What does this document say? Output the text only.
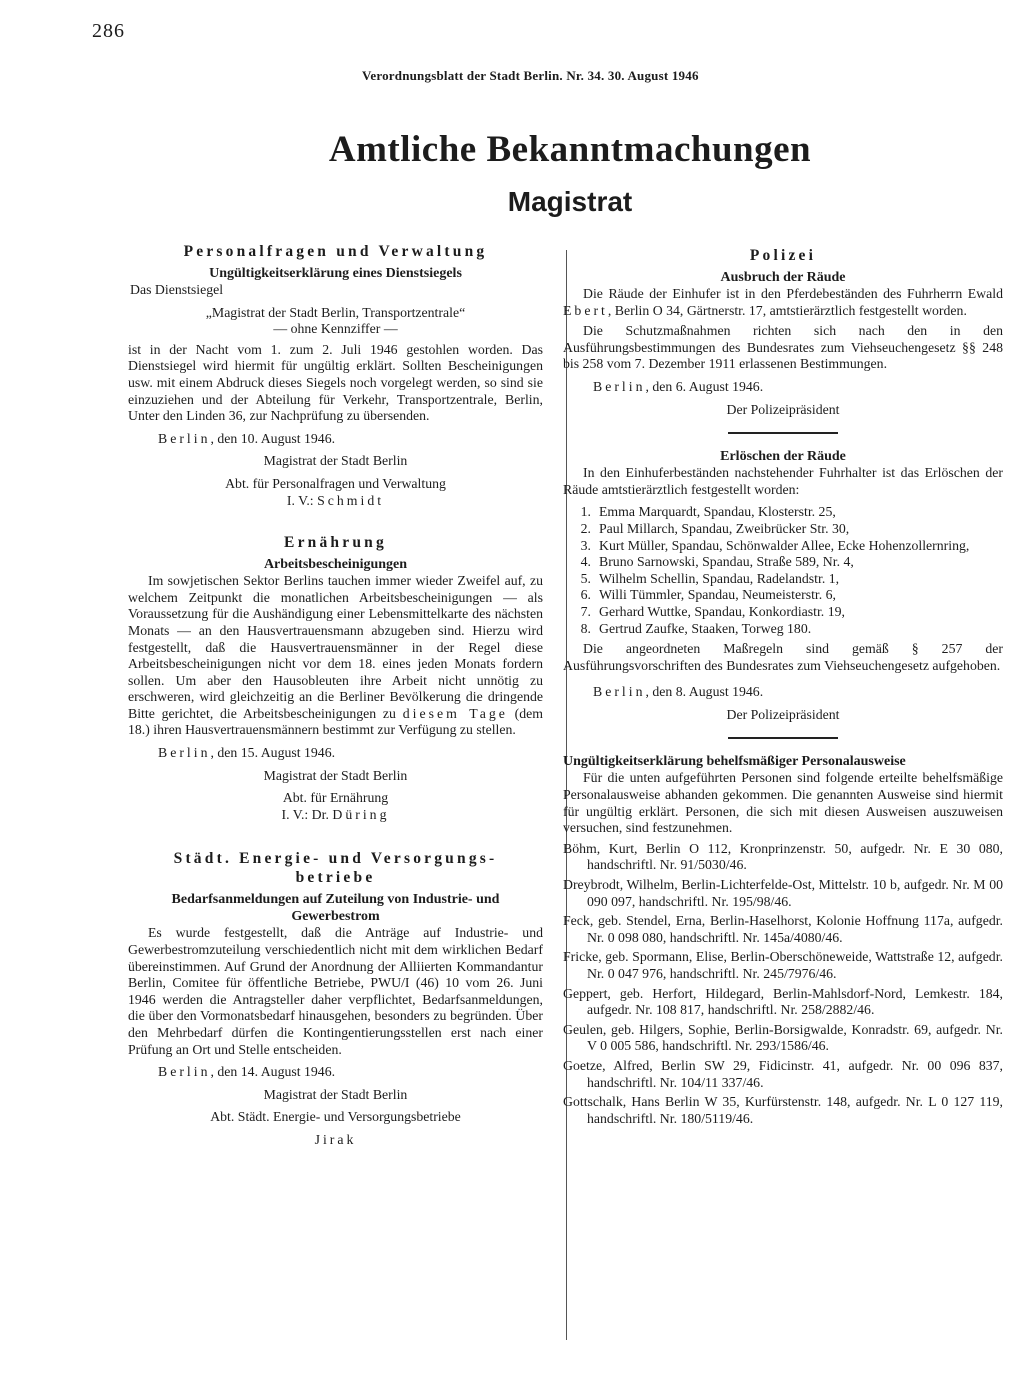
286
Verordnungsblatt der Stadt Berlin. Nr. 34. 30. August 1946
Amtliche Bekanntmachungen
Magistrat
Personalfragen und Verwaltung
Ungültigkeitserklärung eines Dienstsiegels
Das Dienstsiegel
„Magistrat der Stadt Berlin, Transportzentrale“
— ohne Kennziffer —
ist in der Nacht vom 1. zum 2. Juli 1946 gestohlen worden. Das Dienstsiegel wird hiermit für ungültig erklärt. Sollten Bescheinigungen usw. mit einem Abdruck dieses Siegels noch vorgelegt werden, so sind sie einzuziehen und der Abteilung für Verkehr, Transportzentrale, Berlin, Unter den Linden 36, zur Nachprüfung zu übersenden.
Berlin, den 10. August 1946.
Magistrat der Stadt Berlin
Abt. für Personalfragen und Verwaltung
I. V.: Schmidt
Ernährung
Arbeitsbescheinigungen
Im sowjetischen Sektor Berlins tauchen immer wieder Zweifel auf, zu welchem Zeitpunkt die monatlichen Arbeitsbescheinigungen — als Voraussetzung für die Aushändigung einer Lebensmittelkarte des nächsten Monats — an den Hausvertrauensmann abzugeben sind. Hierzu wird festgestellt, daß die Hausvertrauensmänner in der Regel diese Arbeitsbescheinigungen nicht vor dem 18. eines jeden Monats fordern sollen. Um aber den Hausobleuten ihre Arbeit nicht unnötig zu erschweren, wird gleichzeitig an die Berliner Bevölkerung die dringende Bitte gerichtet, die Arbeitsbescheinigungen zu diesem Tage (dem 18.) ihren Hausvertrauensmännern bestimmt zur Verfügung zu stellen.
Berlin, den 15. August 1946.
Magistrat der Stadt Berlin
Abt. für Ernährung
I. V.: Dr. Düring
Städt. Energie- und Versorgungs-
betriebe
Bedarfsanmeldungen auf Zuteilung von Industrie- und Gewerbestrom
Es wurde festgestellt, daß die Anträge auf Industrie- und Gewerbestromzuteilung verschiedentlich nicht mit dem wirklichen Bedarf übereinstimmen. Auf Grund der Anordnung der Alliierten Kommandantur Berlin, Comitee für öffentliche Betriebe, PWU/I (46) 10 vom 26. Juni 1946 werden die Antragsteller daher verpflichtet, Bedarfsanmeldungen, die über den Vormonatsbedarf hinausgehen, besonders zu begründen. Über den Mehrbedarf dürfen die Kontingentierungsstellen erst nach einer Prüfung an Ort und Stelle entscheiden.
Berlin, den 14. August 1946.
Magistrat der Stadt Berlin
Abt. Städt. Energie- und Versorgungsbetriebe
Jirak
Polizei
Ausbruch der Räude
Die Räude der Einhufer ist in den Pferdebeständen des Fuhrherrn Ewald Ebert, Berlin O 34, Gärtnerstr. 17, amtstierärztlich festgestellt worden.
Die Schutzmaßnahmen richten sich nach den in den Ausführungsbestimmungen des Bundesrates zum Viehseuchengesetz §§ 248 bis 258 vom 7. Dezember 1911 erlassenen Bestimmungen.
Berlin, den 6. August 1946.
Der Polizeipräsident
Erlöschen der Räude
In den Einhuferbeständen nachstehender Fuhrhalter ist das Erlöschen der Räude amtstierärztlich festgestellt worden:
1. Emma Marquardt, Spandau, Klosterstr. 25,
2. Paul Millarch, Spandau, Zweibrücker Str. 30,
3. Kurt Müller, Spandau, Schönwalder Allee, Ecke Hohenzollernring,
4. Bruno Sarnowski, Spandau, Straße 589, Nr. 4,
5. Wilhelm Schellin, Spandau, Radelandstr. 1,
6. Willi Tümmler, Spandau, Neumeisterstr. 6,
7. Gerhard Wuttke, Spandau, Konkordiastr. 19,
8. Gertrud Zaufke, Staaken, Torweg 180.
Die angeordneten Maßregeln sind gemäß § 257 der Ausführungsvorschriften des Bundesrates zum Viehseuchengesetz aufgehoben.
Berlin, den 8. August 1946.
Der Polizeipräsident
Ungültigkeitserklärung behelfsmäßiger Personalausweise
Für die unten aufgeführten Personen sind folgende erteilte behelfsmäßige Personalausweise abhanden gekommen. Die genannten Ausweise sind hiermit für ungültig erklärt. Personen, die sich mit diesen Ausweisen auszuweisen versuchen, sind festzunehmen.
Böhm, Kurt, Berlin O 112, Kronprinzenstr. 50, aufgedr. Nr. E 30 080, handschriftl. Nr. 91/5030/46.
Dreybrodt, Wilhelm, Berlin-Lichterfelde-Ost, Mittelstr. 10 b, aufgedr. Nr. M 00 090 097, handschriftl. Nr. 195/98/46.
Feck, geb. Stendel, Erna, Berlin-Haselhorst, Kolonie Hoffnung 117a, aufgedr. Nr. 0 098 080, handschriftl. Nr. 145a/4080/46.
Fricke, geb. Spormann, Elise, Berlin-Oberschöneweide, Wattstraße 12, aufgedr. Nr. 0 047 976, handschriftl. Nr. 245/7976/46.
Geppert, geb. Herfort, Hildegard, Berlin-Mahlsdorf-Nord, Lemkestr. 184, aufgedr. Nr. 108 817, handschriftl. Nr. 258/2882/46.
Geulen, geb. Hilgers, Sophie, Berlin-Borsigwalde, Konradstr. 69, aufgedr. Nr. V 0 005 586, handschriftl. Nr. 293/1586/46.
Goetze, Alfred, Berlin SW 29, Fidicinstr. 41, aufgedr. Nr. 00 096 837, handschriftl. Nr. 104/11 337/46.
Gottschalk, Hans Berlin W 35, Kurfürstenstr. 148, aufgedr. Nr. L 0 127 119, handschriftl. Nr. 180/5119/46.
